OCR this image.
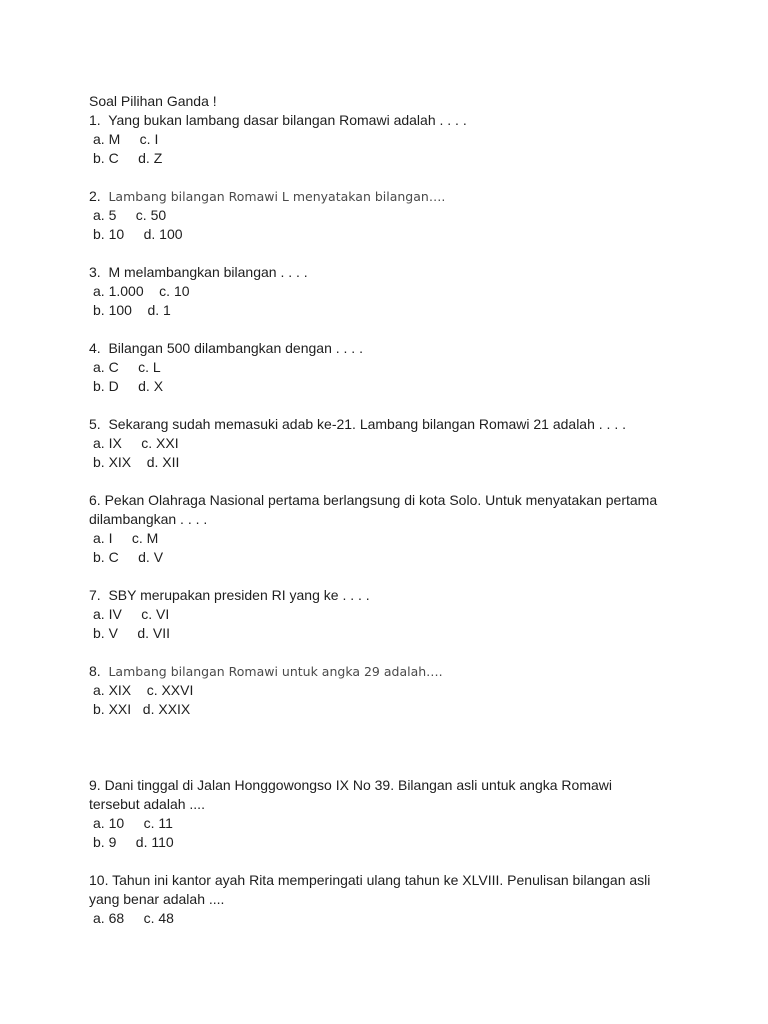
Soal Pilihan Ganda !
1.  Yang bukan lambang dasar bilangan Romawi adalah . . . .
a. M     c. I
b. C     d. Z
2.  Lambang bilangan Romawi L menyatakan bilangan….
a. 5     c. 50
b. 10     d. 100
3.  M melambangkan bilangan . . . .
a. 1.000    c. 10
b. 100    d. 1
4.  Bilangan 500 dilambangkan dengan . . . .
a. C     c. L
b. D     d. X
5.  Sekarang sudah memasuki adab ke-21. Lambang bilangan Romawi 21 adalah . . . .
a. IX     c. XXI
b. XIX    d. XII
6. Pekan Olahraga Nasional pertama berlangsung di kota Solo. Untuk menyatakan pertama dilambangkan . . . .
a. I     c. M
b. C     d. V
7.  SBY merupakan presiden RI yang ke . . . .
a. IV     c. VI
b. V     d. VII
8.  Lambang bilangan Romawi untuk angka 29 adalah….
a. XIX    c. XXVI
b. XXI   d. XXIX
9. Dani tinggal di Jalan Honggowongso IX No 39. Bilangan asli untuk angka Romawi tersebut adalah ....
a. 10     c. 11
b. 9     d. 110
10. Tahun ini kantor ayah Rita memperingati ulang tahun ke XLVIII. Penulisan bilangan asli yang benar adalah ....
a. 68     c. 48
